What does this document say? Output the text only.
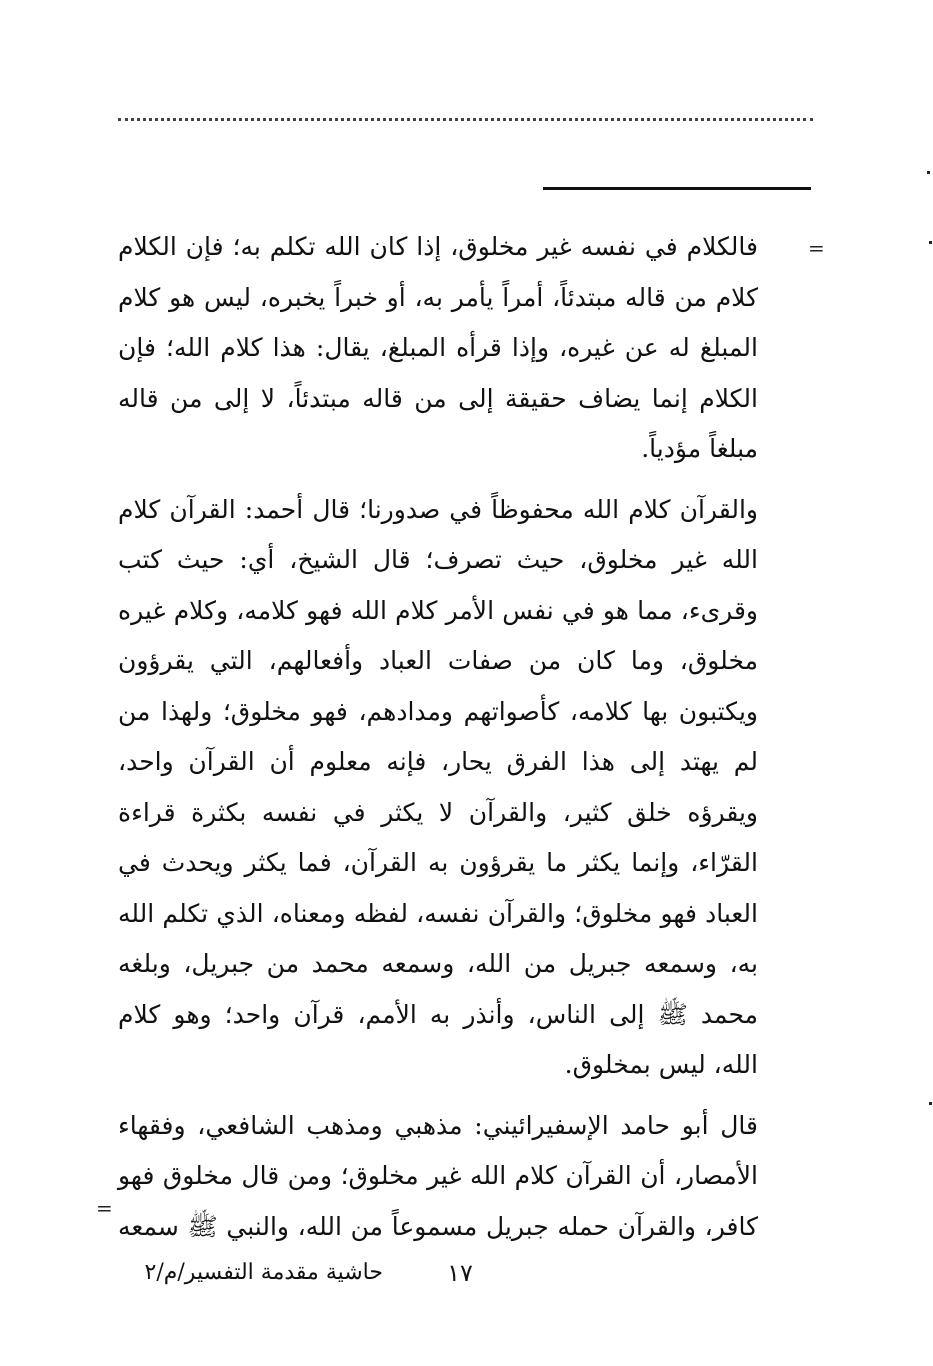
=
=

فالكلام في نفسه غير مخلوق، إذا كان الله تكلم به؛ فإن الكلام كلام من قاله مبتدئاً، أمراً يأمر به، أو خبراً يخبره، ليس هو كلام المبلغ له عن غيره، وإذا قرأه المبلغ، يقال: هذا كلام الله؛ فإن الكلام إنما يضاف حقيقة إلى من قاله مبتدئاً، لا إلى من قاله مبلغاً مؤدياً.

والقرآن كلام الله محفوظاً في صدورنا؛ قال أحمد: القرآن كلام الله غير مخلوق، حيث تصرف؛ قال الشيخ، أي: حيث كتب وقرىء، مما هو في نفس الأمر كلام الله فهو كلامه، وكلام غيره مخلوق، وما كان من صفات العباد وأفعالهم، التي يقرؤون ويكتبون بها كلامه، كأصواتهم ومدادهم، فهو مخلوق؛ ولهذا من لم يهتد إلى هذا الفرق يحار، فإنه معلوم أن القرآن واحد، ويقرؤه خلق كثير، والقرآن لا يكثر في نفسه بكثرة قراءة القرّاء، وإنما يكثر ما يقرؤون به القرآن، فما يكثر ويحدث في العباد فهو مخلوق؛ والقرآن نفسه، لفظه ومعناه، الذي تكلم الله به، وسمعه جبريل من الله، وسمعه محمد من جبريل، وبلغه محمد ﷺ إلى الناس، وأنذر به الأمم، قرآن واحد؛ وهو كلام الله، ليس بمخلوق.

قال أبو حامد الإسفيرائيني: مذهبي ومذهب الشافعي، وفقهاء الأمصار، أن القرآن كلام الله غير مخلوق؛ ومن قال مخلوق فهو كافر، والقرآن حمله جبريل مسموعاً من الله، والنبي ﷺ سمعه

حاشية مقدمة التفسير/م/٢	١٧
